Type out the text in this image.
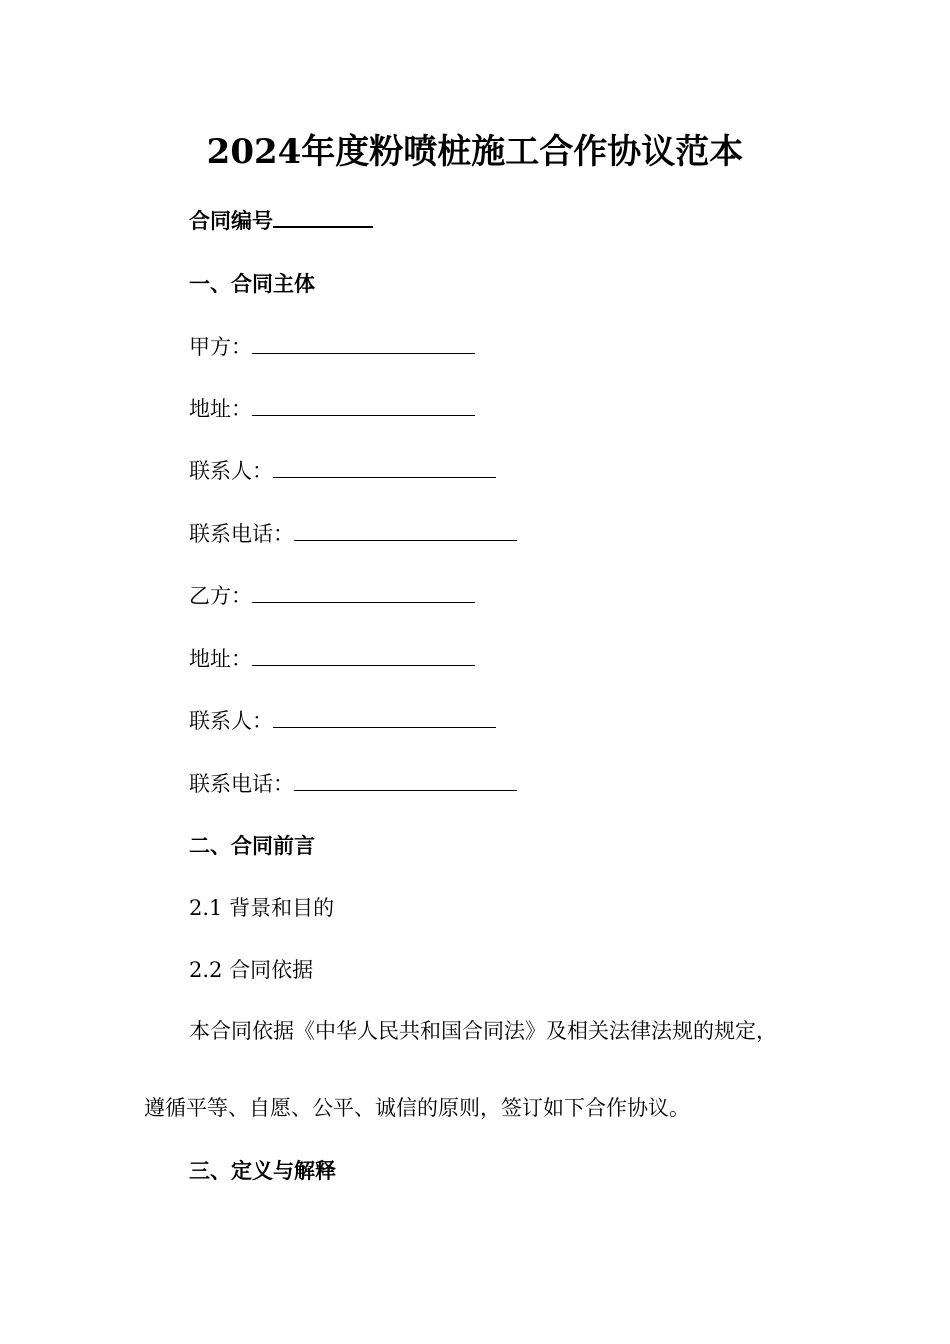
2024年度粉喷桩施工合作协议范本
合同编号
一、合同主体
甲方：
地址：
联系人：
联系电话：
乙方：
地址：
联系人：
联系电话：
二、合同前言
2.1 背景和目的
2.2 合同依据
本合同依据《中华人民共和国合同法》及相关法律法规的规定，
遵循平等、自愿、公平、诚信的原则，签订如下合作协议。
三、定义与解释
